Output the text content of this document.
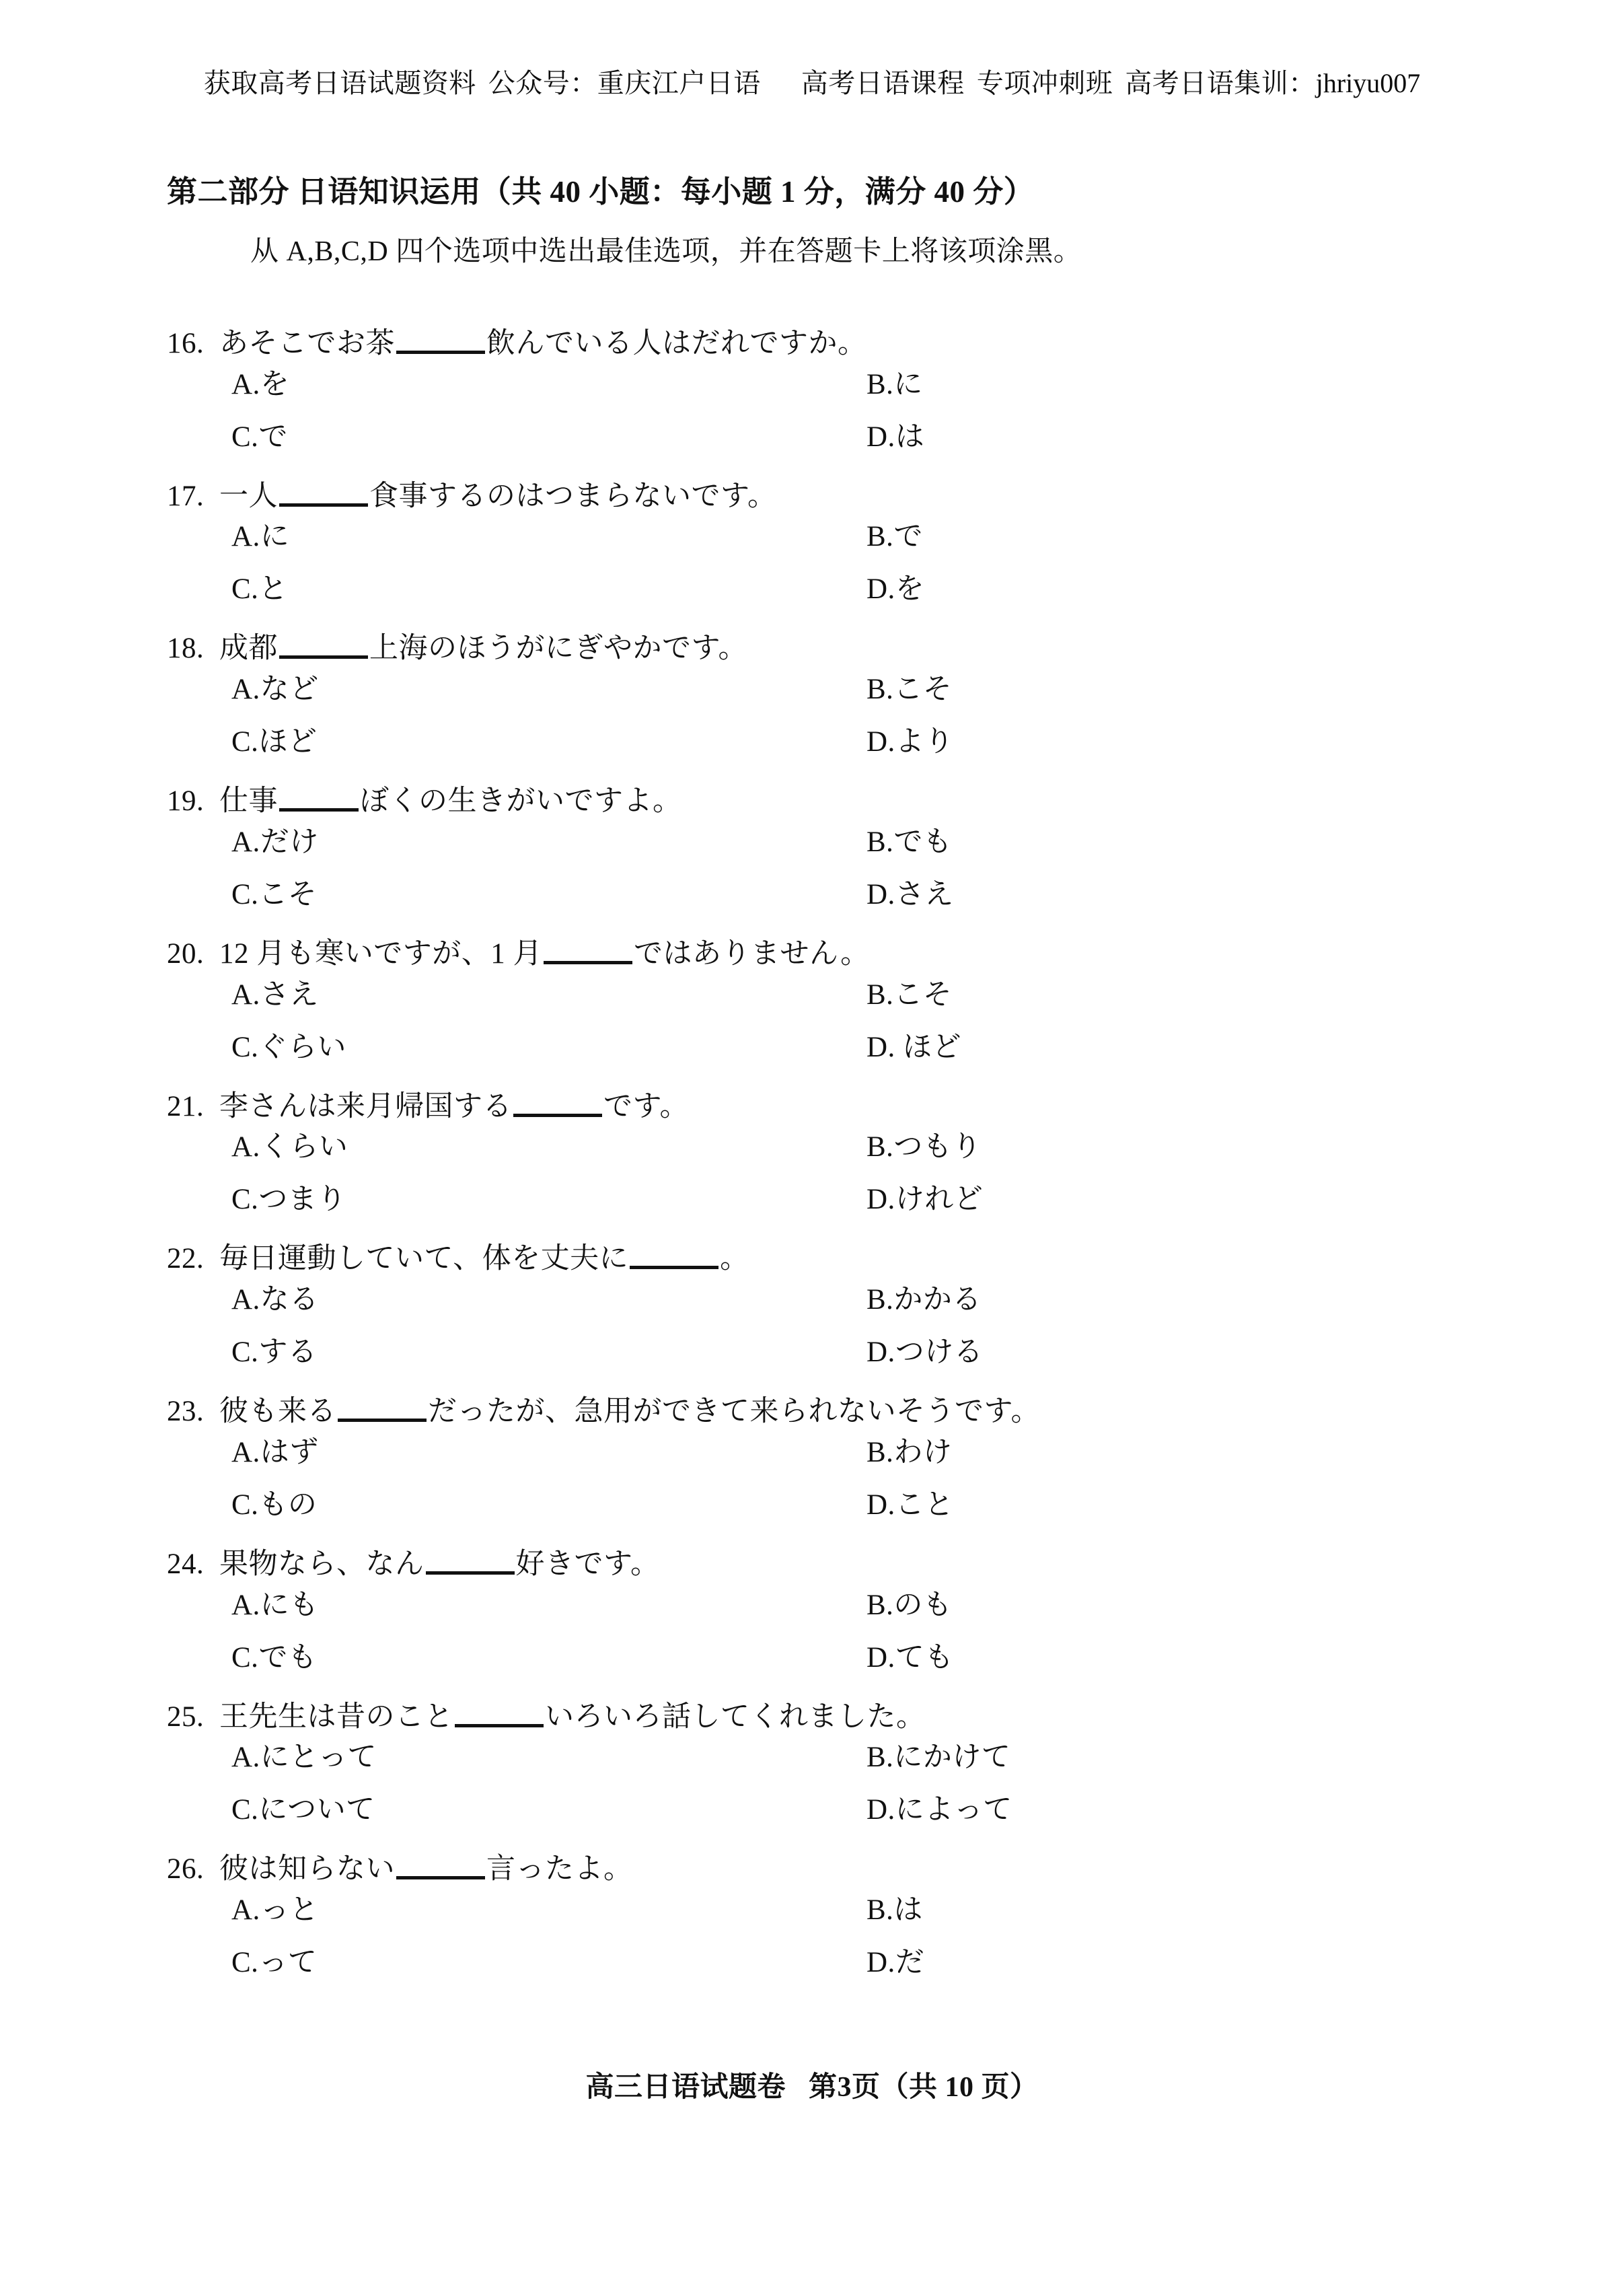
获取高考日语试题资料 公众号：重庆江户日语 高考日语课程 专项冲刺班 高考日语集训：jhriyu007
第二部分 日语知识运用（共 40 小题：每小题 1 分，满分 40 分）
从 A,B,C,D 四个选项中选出最佳选项，并在答题卡上将该项涂黑。
16. あそこでお茶	飲んでいる人はだれですか。
A.を	B.に
C.で	D.は
17. 一人	食事するのはつまらないです。
A.に	B.で
C.と	D.を
18. 成都	上海のほうがにぎやかです。
A.など	B.こそ
C.ほど	D.より
19. 仕事	ぼくの生きがいですよ。
A.だけ	B.でも
C.こそ	D.さえ
20. 12 月も寒いですが、1 月	ではありません。
A.さえ	B.こそ
C.ぐらい	D. ほど
21. 李さんは来月帰国する	です。
A.くらい	B.つもり
C.つまり	D.けれど
22. 毎日運動していて、体を丈夫に	。
A.なる	B.かかる
C.する	D.つける
23. 彼も来る	だったが、急用ができて来られないそうです。
A.はず	B.わけ
C.もの	D.こと
24. 果物なら、なん	好きです。
A.にも	B.のも
C.でも	D.ても
25. 王先生は昔のこと	いろいろ話してくれました。
A.にとって	B.にかけて
C.について	D.によって
26. 彼は知らない	言ったよ。
A.っと	B.は
C.って	D.だ
高三日语试题卷 第3页（共 10 页）
